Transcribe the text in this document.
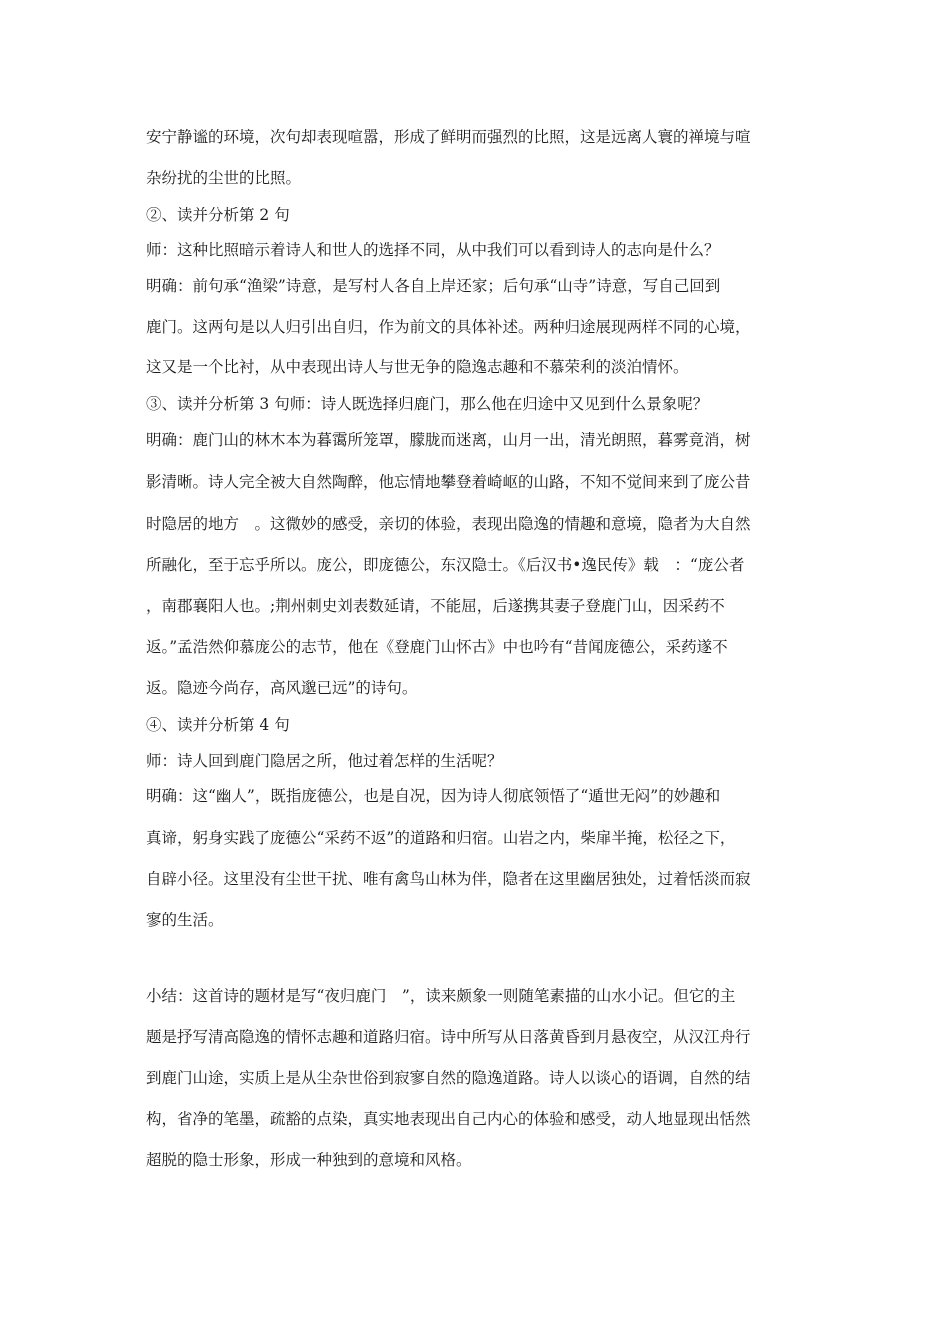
安宁静谧的环境，次句却表现喧嚣，形成了鲜明而强烈的比照，这是远离人寰的禅境与喧
杂纷扰的尘世的比照。
②、读并分析第 2 句
师：这种比照暗示着诗人和世人的选择不同，从中我们可以看到诗人的志向是什么？
明确：前句承“渔梁”诗意，是写村人各自上岸还家；后句承“山寺”诗意，写自己回到
鹿门。这两句是以人归引出自归，作为前文的具体补述。两种归途展现两样不同的心境，
这又是一个比衬，从中表现出诗人与世无争的隐逸志趣和不慕荣利的淡泊情怀。
③、读并分析第 3 句师：诗人既选择归鹿门，那么他在归途中又见到什么景象呢？
明确：鹿门山的林木本为暮霭所笼罩，朦胧而迷离，山月一出，清光朗照，暮雾竟消，树
影清晰。诗人完全被大自然陶醉，他忘情地攀登着崎岖的山路，不知不觉间来到了庞公昔
时隐居的地方　。这微妙的感受，亲切的体验，表现出隐逸的情趣和意境，隐者为大自然
所融化，至于忘乎所以。庞公，即庞德公，东汉隐士。《后汉书•逸民传》载　：“庞公者
，南郡襄阳人也。;荆州刺史刘表数延请，不能屈，后遂携其妻子登鹿门山，因采药不
返。”孟浩然仰慕庞公的志节，他在《登鹿门山怀古》中也吟有“昔闻庞德公，采药遂不
返。隐迹今尚存，高风邈已远”的诗句。
④、读并分析第 4 句
师：诗人回到鹿门隐居之所，他过着怎样的生活呢？
明确：这“幽人”，既指庞德公，也是自况，因为诗人彻底领悟了“遁世无闷”的妙趣和
真谛，躬身实践了庞德公“采药不返”的道路和归宿。山岩之内，柴扉半掩，松径之下，
自辟小径。这里没有尘世干扰、唯有禽鸟山林为伴，隐者在这里幽居独处，过着恬淡而寂
寥的生活。
小结：这首诗的题材是写“夜归鹿门　”，读来颇象一则随笔素描的山水小记。但它的主
题是抒写清高隐逸的情怀志趣和道路归宿。诗中所写从日落黄昏到月悬夜空，从汉江舟行
到鹿门山途，实质上是从尘杂世俗到寂寥自然的隐逸道路。诗人以谈心的语调，自然的结
构，省净的笔墨，疏豁的点染，真实地表现出自己内心的体验和感受，动人地显现出恬然
超脱的隐士形象，形成一种独到的意境和风格。
